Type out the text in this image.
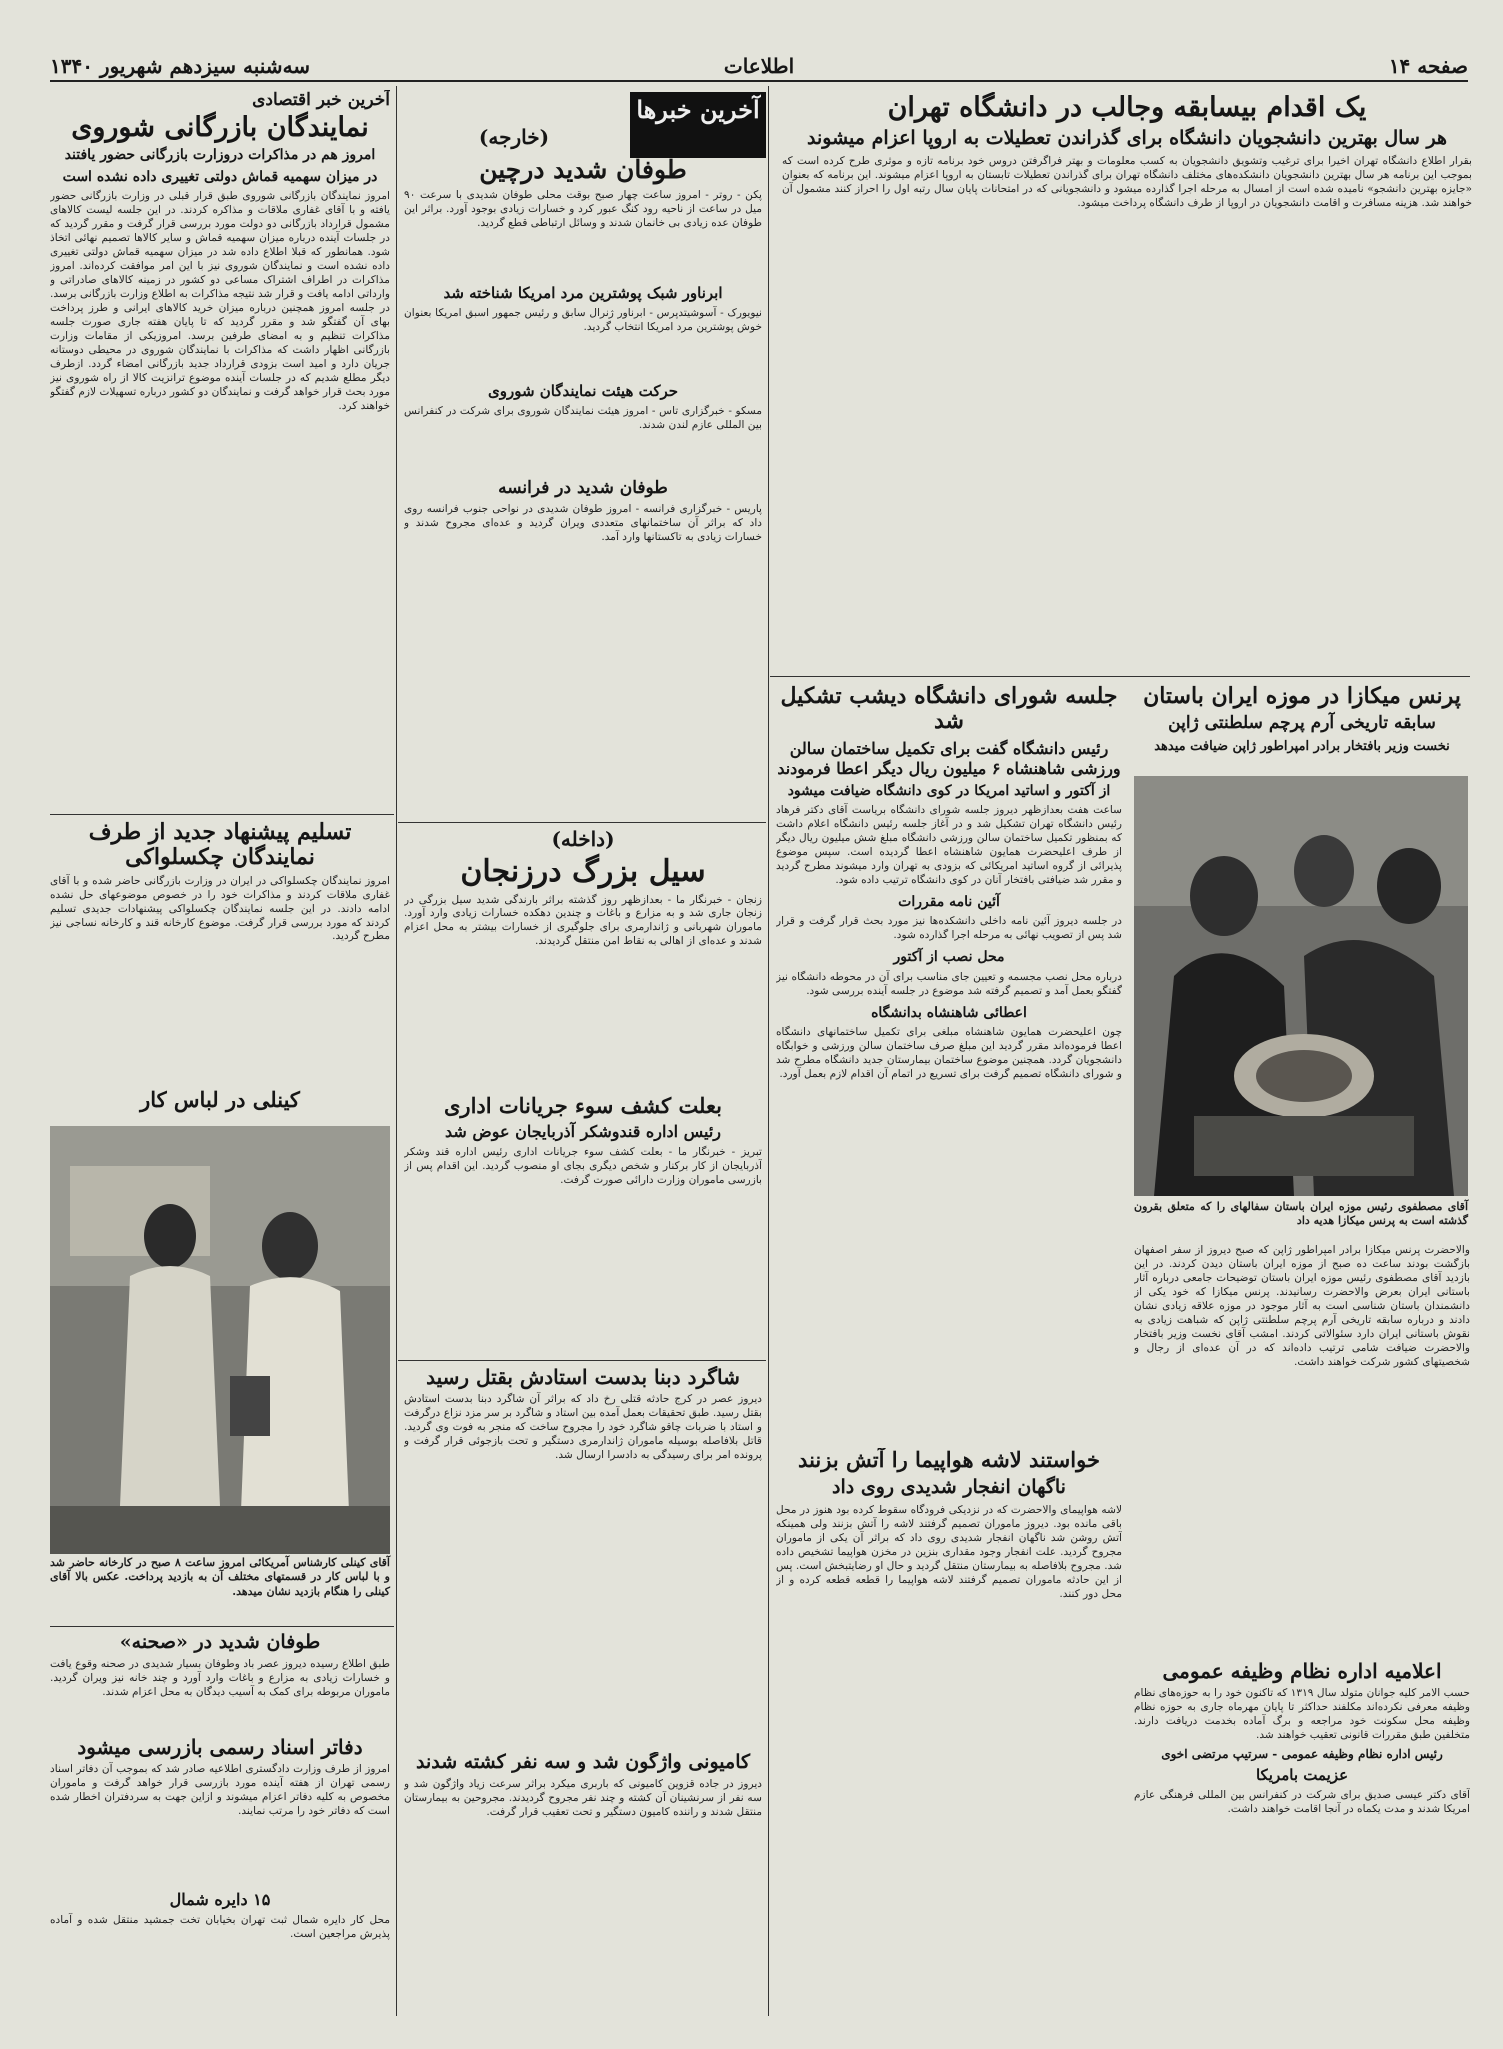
صفحه ۱۴
اطلاعات
سه‌شنبه سیزدهم شهریور ۱۳۴۰
یک اقدام بیسابقه وجالب در دانشگاه تهران
هر سال بهترین دانشجویان دانشگاه برای گذراندن تعطیلات به اروپا اعزام میشوند

بقرار اطلاع دانشگاه تهران اخیرا برای ترغیب وتشویق دانشجویان به کسب معلومات و بهتر فراگرفتن دروس خود برنامه تازه و موثری طرح کرده است که بموجب این برنامه هر سال بهترین دانشجویان دانشکده‌های مختلف دانشگاه تهران برای گذراندن تعطیلات تابستان به اروپا اعزام میشوند. این برنامه که بعنوان «جایزه بهترین دانشجو» نامیده شده است از امسال به مرحله اجرا گذارده میشود و دانشجویانی که در امتحانات پایان سال رتبه اول را احراز کنند مشمول آن خواهند شد. هزینه مسافرت و اقامت دانشجویان در اروپا از طرف دانشگاه پرداخت میشود.

پرنس میکازا در موزه ایران باستان
سابقه تاریخی آرم پرچم سلطنتی ژاپن
نخست وزیر بافتخار برادر امپراطور ژاپن ضیافت میدهد
آقای مصطفوی رئیس موزه ایران باستان سفالهای را که متعلق بقرون گذشته است به پرنس میکازا هدیه داد

والاحضرت پرنس میکازا برادر امپراطور ژاپن که صبح دیروز از سفر اصفهان بازگشت بودند ساعت ده صبح از موزه ایران باستان دیدن کردند. در این بازدید آقای مصطفوی رئیس موزه ایران باستان توضیحات جامعی درباره آثار باستانی ایران بعرض والاحضرت رسانیدند. پرنس میکازا که خود یکی از دانشمندان باستان شناسی است به آثار موجود در موزه علاقه زیادی نشان دادند و درباره سابقه تاریخی آرم پرچم سلطنتی ژاپن که شباهت زیادی به نقوش باستانی ایران دارد سئوالاتی کردند. امشب آقای نخست وزیر بافتخار والاحضرت ضیافت شامی ترتیب داده‌اند که در آن عده‌ای از رجال و شخصیتهای کشور شرکت خواهند داشت.

جلسه شورای دانشگاه دیشب تشکیل شد
رئیس دانشگاه گفت برای تکمیل ساختمان سالن ورزشی شاهنشاه ۶ میلیون ریال دیگر اعطا فرمودند
از آکتور و اساتید امریکا در کوی دانشگاه ضیافت میشود

ساعت هفت بعدازظهر دیروز جلسه شورای دانشگاه بریاست آقای دکتر فرهاد رئیس دانشگاه تهران تشکیل شد و در آغاز جلسه رئیس دانشگاه اعلام داشت که بمنظور تکمیل ساختمان سالن ورزشی دانشگاه مبلغ شش میلیون ریال دیگر از طرف اعلیحضرت همایون شاهنشاه اعطا گردیده است. سپس موضوع پذیرائی از گروه اساتید امریکائی که بزودی به تهران وارد میشوند مطرح گردید و مقرر شد ضیافتی بافتخار آنان در کوی دانشگاه ترتیب داده شود.

آئین نامه مقررات

در جلسه دیروز آئین نامه داخلی دانشکده‌ها نیز مورد بحث قرار گرفت و قرار شد پس از تصویب نهائی به مرحله اجرا گذارده شود.

محل نصب از آکتور

درباره محل نصب مجسمه و تعیین جای مناسب برای آن در محوطه دانشگاه نیز گفتگو بعمل آمد و تصمیم گرفته شد موضوع در جلسه آینده بررسی شود.

اعطائی شاهنشاه بدانشگاه

چون اعلیحضرت همایون شاهنشاه مبلغی برای تکمیل ساختمانهای دانشگاه اعطا فرموده‌اند مقرر گردید این مبلغ صرف ساختمان سالن ورزشی و خوابگاه دانشجویان گردد. همچنین موضوع ساختمان بیمارستان جدید دانشگاه مطرح شد و شورای دانشگاه تصمیم گرفت برای تسریع در اتمام آن اقدام لازم بعمل آورد.

خواستند لاشه هواپیما را آتش بزنند
ناگهان انفجار شدیدی روی داد

لاشه هواپیمای والاحضرت که در نزدیکی فرودگاه سقوط کرده بود هنوز در محل باقی مانده بود. دیروز ماموران تصمیم گرفتند لاشه را آتش بزنند ولی همینکه آتش روشن شد ناگهان انفجار شدیدی روی داد که براثر آن یکی از ماموران مجروح گردید. علت انفجار وجود مقداری بنزین در مخزن هواپیما تشخیص داده شد. مجروح بلافاصله به بیمارستان منتقل گردید و حال او رضایتبخش است. پس از این حادثه ماموران تصمیم گرفتند لاشه هواپیما را قطعه قطعه کرده و از محل دور کنند.

اعلامیه اداره نظام وظیفه عمومی

حسب الامر کلیه جوانان متولد سال ۱۳۱۹ که تاکنون خود را به حوزه‌های نظام وظیفه معرفی نکرده‌اند مکلفند حداکثر تا پایان مهرماه جاری به حوزه نظام وظیفه محل سکونت خود مراجعه و برگ آماده بخدمت دریافت دارند. متخلفین طبق مقررات قانونی تعقیب خواهند شد.

رئیس اداره نظام وظیفه عمومی - سرتیپ مرتضی اخوی
عزیمت بامریکا

آقای دکتر عیسی صدیق برای شرکت در کنفرانس بین المللی فرهنگی عازم امریکا شدند و مدت یکماه در آنجا اقامت خواهند داشت.

آخرین خبرها
(خارجه)
طوفان شدید درچین

پکن - روتر - امروز ساعت چهار صبح بوقت محلی طوفان شدیدی با سرعت ۹۰ میل در ساعت از ناحیه رود کنگ عبور کرد و خسارات زیادی بوجود آورد. براثر این طوفان عده زیادی بی خانمان شدند و وسائل ارتباطی قطع گردید.

ابرناور شبک پوشترین مرد امریکا شناخته شد

نیویورک - آسوشیتدپرس - ابرناور ژنرال سابق و رئیس جمهور اسبق امریکا بعنوان خوش پوشترین مرد امریکا انتخاب گردید.

حرکت هیئت نمایندگان شوروی

مسکو - خبرگزاری تاس - امروز هیئت نمایندگان شوروی برای شرکت در کنفرانس بین المللی عازم لندن شدند.

طوفان شدید در فرانسه

پاریس - خبرگزاری فرانسه - امروز طوفان شدیدی در نواحی جنوب فرانسه روی داد که براثر آن ساختمانهای متعددی ویران گردید و عده‌ای مجروح شدند و خسارات زیادی به تاکستانها وارد آمد.

(داخله)
سیل بزرگ درزنجان

زنجان - خبرنگار ما - بعدازظهر روز گذشته براثر بارندگی شدید سیل بزرگی در زنجان جاری شد و به مزارع و باغات و چندین دهکده خسارات زیادی وارد آورد. ماموران شهربانی و ژاندارمری برای جلوگیری از خسارات بیشتر به محل اعزام شدند و عده‌ای از اهالی به نقاط امن منتقل گردیدند.

بعلت کشف سوء جریانات اداری
رئیس اداره قندوشکر آذربایجان عوض شد

تبریز - خبرنگار ما - بعلت کشف سوء جریانات اداری رئیس اداره قند وشکر آذربایجان از کار برکنار و شخص دیگری بجای او منصوب گردید. این اقدام پس از بازرسی ماموران وزارت دارائی صورت گرفت.

شاگرد دبنا بدست استادش بقتل رسید

دیروز عصر در کرج حادثه قتلی رخ داد که براثر آن شاگرد دبنا بدست استادش بقتل رسید. طبق تحقیقات بعمل آمده بین استاد و شاگرد بر سر مزد نزاع درگرفت و استاد با ضربات چاقو شاگرد خود را مجروح ساخت که منجر به فوت وی گردید. قاتل بلافاصله بوسیله ماموران ژاندارمری دستگیر و تحت بازجوئی قرار گرفت و پرونده امر برای رسیدگی به دادسرا ارسال شد.

کامیونی واژگون شد و سه نفر کشته شدند

دیروز در جاده قزوین کامیونی که باربری میکرد براثر سرعت زیاد واژگون شد و سه نفر از سرنشینان آن کشته و چند نفر مجروح گردیدند. مجروحین به بیمارستان منتقل شدند و راننده کامیون دستگیر و تحت تعقیب قرار گرفت.

آخرین خبر اقتصادی
نمایندگان بازرگانی شوروی
امروز هم در مذاکرات دروزارت بازرگانی حضور یافتند
در میزان سهمیه قماش دولتی تغییری داده نشده است

امروز نمایندگان بازرگانی شوروی طبق قرار قبلی در وزارت بازرگانی حضور یافته و با آقای غفاری ملاقات و مذاکره کردند. در این جلسه لیست کالاهای مشمول قرارداد بازرگانی دو دولت مورد بررسی قرار گرفت و مقرر گردید که در جلسات آینده درباره میزان سهمیه قماش و سایر کالاها تصمیم نهائی اتخاذ شود. همانطور که قبلا اطلاع داده شد در میزان سهمیه قماش دولتی تغییری داده نشده است و نمایندگان شوروی نیز با این امر موافقت کرده‌اند. امروز مذاکرات در اطراف اشتراک مساعی دو کشور در زمینه کالاهای صادراتی و وارداتی ادامه یافت و قرار شد نتیجه مذاکرات به اطلاع وزارت بازرگانی برسد. در جلسه امروز همچنین درباره میزان خرید کالاهای ایرانی و طرز پرداخت بهای آن گفتگو شد و مقرر گردید که تا پایان هفته جاری صورت جلسه مذاکرات تنظیم و به امضای طرفین برسد. امروزیکی از مقامات وزارت بازرگانی اظهار داشت که مذاکرات با نمایندگان شوروی در محیطی دوستانه جریان دارد و امید است بزودی قرارداد جدید بازرگانی امضاء گردد. ازطرف دیگر مطلع شدیم که در جلسات آینده موضوع ترانزیت کالا از راه شوروی نیز مورد بحث قرار خواهد گرفت و نمایندگان دو کشور درباره تسهیلات لازم گفتگو خواهند کرد.

تسلیم پیشنهاد جدید از طرف نمایندگان چکسلواکی

امروز نمایندگان چکسلواکی در ایران در وزارت بازرگانی حاضر شده و با آقای غفاری ملاقات کردند و مذاکرات خود را در خصوص موضوعهای حل نشده ادامه دادند. در این جلسه نمایندگان چکسلواکی پیشنهادات جدیدی تسلیم کردند که مورد بررسی قرار گرفت. موضوع کارخانه قند و کارخانه نساجی نیز مطرح گردید.

کینلی در لباس کار
آقای کینلی کارشناس آمریکائی امروز ساعت ۸ صبح در کارخانه حاضر شد و با لباس کار در قسمتهای مختلف آن به بازدید پرداخت. عکس بالا آقای کینلی را هنگام بازدید نشان میدهد.
طوفان شدید در «صحنه»

طبق اطلاع رسیده دیروز عصر باد وطوفان بسیار شدیدی در صحنه وقوع یافت و خسارات زیادی به مزارع و باغات وارد آورد و چند خانه نیز ویران گردید. ماموران مربوطه برای کمک به آسیب دیدگان به محل اعزام شدند.

دفاتر اسناد رسمی بازرسی میشود

امروز از طرف وزارت دادگستری اطلاعیه صادر شد که بموجب آن دفاتر اسناد رسمی تهران از هفته آینده مورد بازرسی قرار خواهد گرفت و ماموران مخصوص به کلیه دفاتر اعزام میشوند و ازاین جهت به سردفتران اخطار شده است که دفاتر خود را مرتب نمایند.

۱۵ دایره شمال

محل کار دایره شمال ثبت تهران بخیابان تخت جمشید منتقل شده و آماده پذیرش مراجعین است.
